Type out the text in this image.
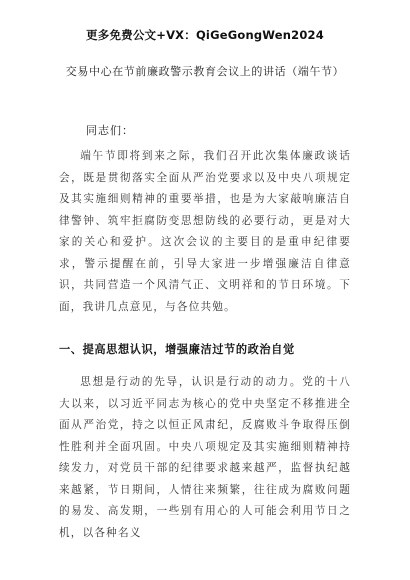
更多免费公文+VX：QiGeGongWen2024
交易中心在节前廉政警示教育会议上的讲话（端午节）
同志们：

端午节即将到来之际，我们召开此次集体廉政谈话会，既是贯彻落实全面从严治党要求以及中央八项规定及其实施细则精神的重要举措，也是为大家敲响廉洁自律警钟、筑牢拒腐防变思想防线的必要行动，更是对大家的关心和爱护。这次会议的主要目的是重申纪律要求，警示提醒在前，引导大家进一步增强廉洁自律意识，共同营造一个风清气正、文明祥和的节日环境。下面，我讲几点意见，与各位共勉。

一、提高思想认识，增强廉洁过节的政治自觉

思想是行动的先导，认识是行动的动力。党的十八大以来，以习近平同志为核心的党中央坚定不移推进全面从严治党，持之以恒正风肃纪，反腐败斗争取得压倒性胜利并全面巩固。中央八项规定及其实施细则精神持续发力，对党员干部的纪律要求越来越严，监督执纪越来越紧，节日期间，人情往来频繁，往往成为腐败问题的易发、高发期，一些别有用心的人可能会利用节日之机，以各种名义
